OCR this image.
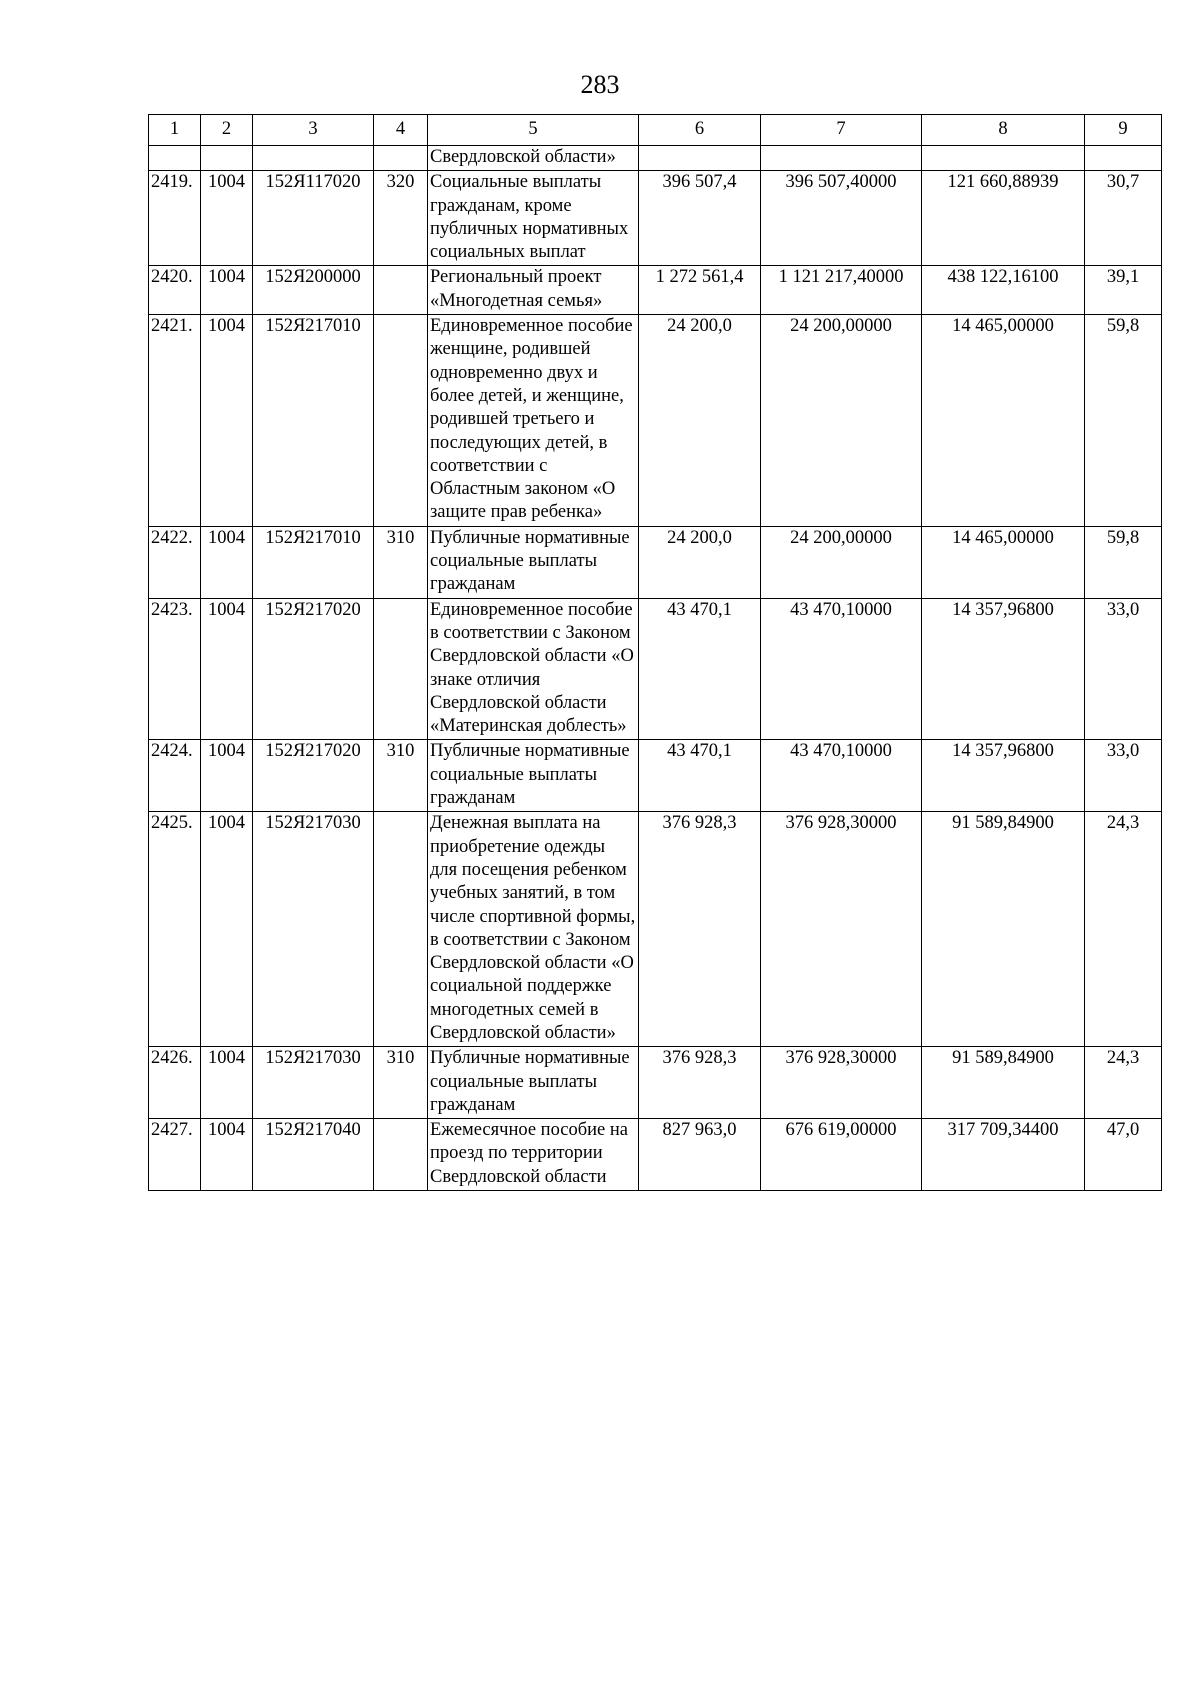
283
1	2	3	4	5	6	7	8	9
				Свердловской области»				
2419.	1004	152Я117020	320	Социальные выплаты гражданам, кроме публичных нормативных социальных выплат	396 507,4	396 507,40000	121 660,88939	30,7
2420.	1004	152Я200000		Региональный проект «Многодетная семья»	1 272 561,4	1 121 217,40000	438 122,16100	39,1
2421.	1004	152Я217010		Единовременное пособие женщине, родившей одновременно двух и более детей, и женщине, родившей третьего и последующих детей, в соответствии с Областным законом «О защите прав ребенка»	24 200,0	24 200,00000	14 465,00000	59,8
2422.	1004	152Я217010	310	Публичные нормативные социальные выплаты гражданам	24 200,0	24 200,00000	14 465,00000	59,8
2423.	1004	152Я217020		Единовременное пособие в соответствии с Законом Свердловской области «О знаке отличия Свердловской области «Материнская доблесть»	43 470,1	43 470,10000	14 357,96800	33,0
2424.	1004	152Я217020	310	Публичные нормативные социальные выплаты гражданам	43 470,1	43 470,10000	14 357,96800	33,0
2425.	1004	152Я217030		Денежная выплата на приобретение одежды для посещения ребенком учебных занятий, в том числе спортивной формы, в соответствии с Законом Свердловской области «О социальной поддержке многодетных семей в Свердловской области»	376 928,3	376 928,30000	91 589,84900	24,3
2426.	1004	152Я217030	310	Публичные нормативные социальные выплаты гражданам	376 928,3	376 928,30000	91 589,84900	24,3
2427.	1004	152Я217040		Ежемесячное пособие на проезд по территории Свердловской области	827 963,0	676 619,00000	317 709,34400	47,0
